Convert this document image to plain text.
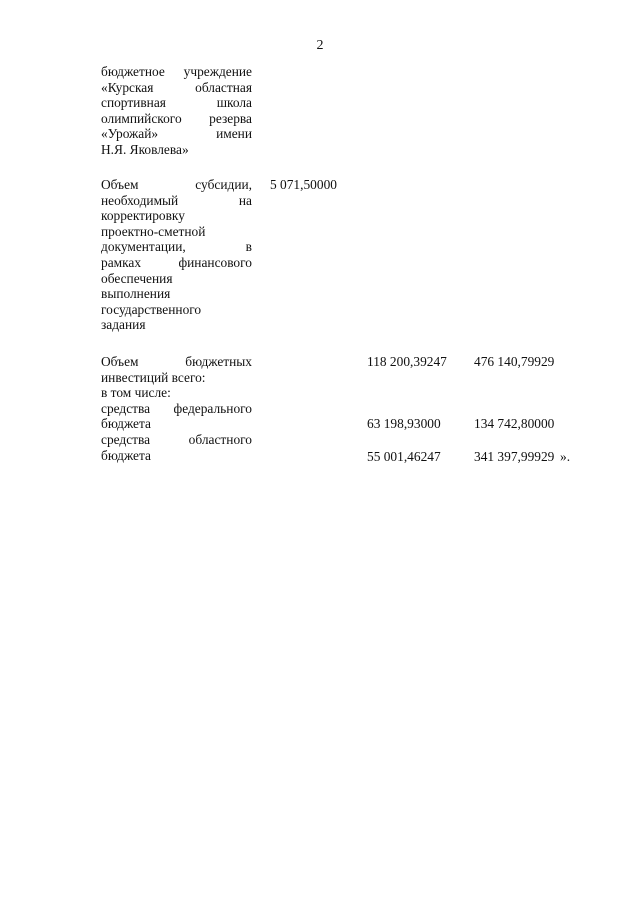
2
бюджетное учреждение
«Курская областная
спортивная школа
олимпийского резерва
«Урожай» имени
Н.Я. Яковлева»
Объем субсидии,
необходимый на
корректировку
проектно-сметной
документации, в
рамках финансового
обеспечения
выполнения
государственного
задания
5 071,50000
Объем бюджетных
инвестиций всего:
в том числе:
средства федерального
бюджета
средства областного
бюджета
118 200,39247 476 140,79929
63 198,93000 134 742,80000
55 001,46247 341 397,99929 ».
